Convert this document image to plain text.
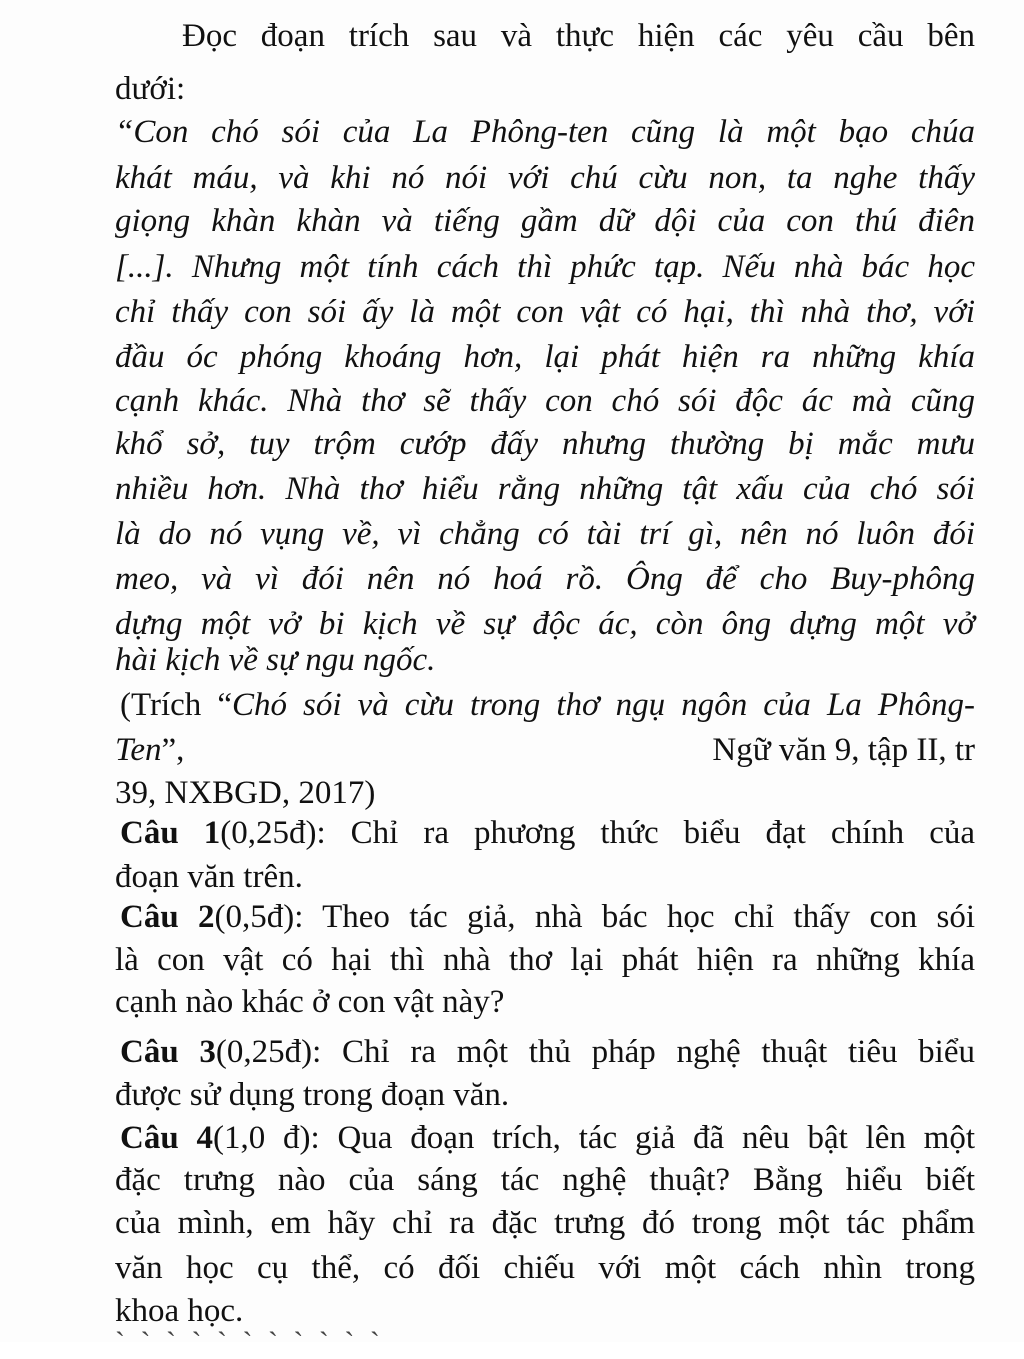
Đọc đoạn trích sau và thực hiện các yêu cầu bên
dưới:
“Con chó sói của La Phông-ten cũng là một bạo chúa
khát máu, và khi nó nói với chú cừu non, ta nghe thấy
giọng khàn khàn và tiếng gầm dữ dội của con thú điên
[...]. Nhưng một tính cách thì phức tạp. Nếu nhà bác học
chỉ thấy con sói ấy là một con vật có hại, thì nhà thơ, với
đầu óc phóng khoáng hơn, lại phát hiện ra những khía
cạnh khác. Nhà thơ sẽ thấy con chó sói độc ác mà cũng
khổ sở, tuy trộm cướp đấy nhưng thường bị mắc mưu
nhiều hơn. Nhà thơ hiểu rằng những tật xấu của chó sói
là do nó vụng về, vì chẳng có tài trí gì, nên nó luôn đói
meo, và vì đói nên nó hoá rồ. Ông để cho Buy-phông
dựng một vở bi kịch về sự độc ác, còn ông dựng một vở
hài kịch về sự ngu ngốc.
(Trích “Chó sói và cừu trong thơ ngụ ngôn của La Phông-
Ten”,	Ngữ văn 9, tập II, tr
39, NXBGD, 2017)
Câu 1(0,25đ): Chỉ ra phương thức biểu đạt chính của
đoạn văn trên.
Câu 2(0,5đ): Theo tác giả, nhà bác học chỉ thấy con sói
là con vật có hại thì nhà thơ lại phát hiện ra những khía
cạnh nào khác ở con vật này?
Câu 3(0,25đ): Chỉ ra một thủ pháp nghệ thuật tiêu biểu
được sử dụng trong đoạn văn.
Câu 4(1,0 đ): Qua đoạn trích, tác giả đã nêu bật lên một
đặc trưng nào của sáng tác nghệ thuật? Bằng hiểu biết
của mình, em hãy chỉ ra đặc trưng đó trong một tác phẩm
văn học cụ thể, có đối chiếu với một cách nhìn trong
khoa học.
` ` ` ` ` ` ` ` ` ` `
